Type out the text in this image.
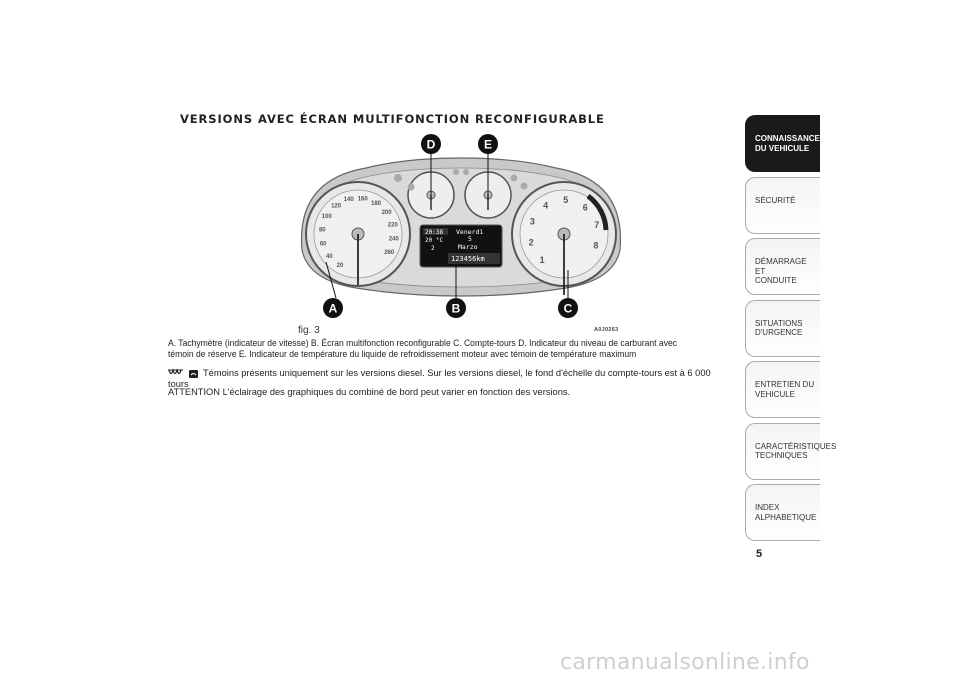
VERSIONS AVEC ÉCRAN MULTIFONCTION RECONFIGURABLE
20
40
60
80
100
120
140 160
180
200
220
240
260
1
2
3
4
5
6
7
8
20:38
20 °C
2
Venerdì
5
Marzo
123456km
D	E
A	B	C
fig. 3	A0J0263
A. Tachymètre (indicateur de vitesse) B. Écran multifonction reconfigurable C. Compte-tours D. Indicateur du niveau de carburant avec témoin de réserve E. Indicateur de température du liquide de refroidissement moteur avec témoin de température maximum
Témoins présents uniquement sur les versions diesel. Sur les versions diesel, le fond d'échelle du compte-tours est à 6 000 tours
ATTENTION L'éclairage des graphiques du combiné de bord peut varier en fonction des versions.
CONNAISSANCE
DU VEHICULE
SÉCURITÉ
DÉMARRAGE ET
CONDUITE
SITUATIONS
D'URGENCE
ENTRETIEN DU
VEHICULE
CARACTÉRISTIQUES
TECHNIQUES
INDEX
ALPHABETIQUE
5
carmanualsonline.info
